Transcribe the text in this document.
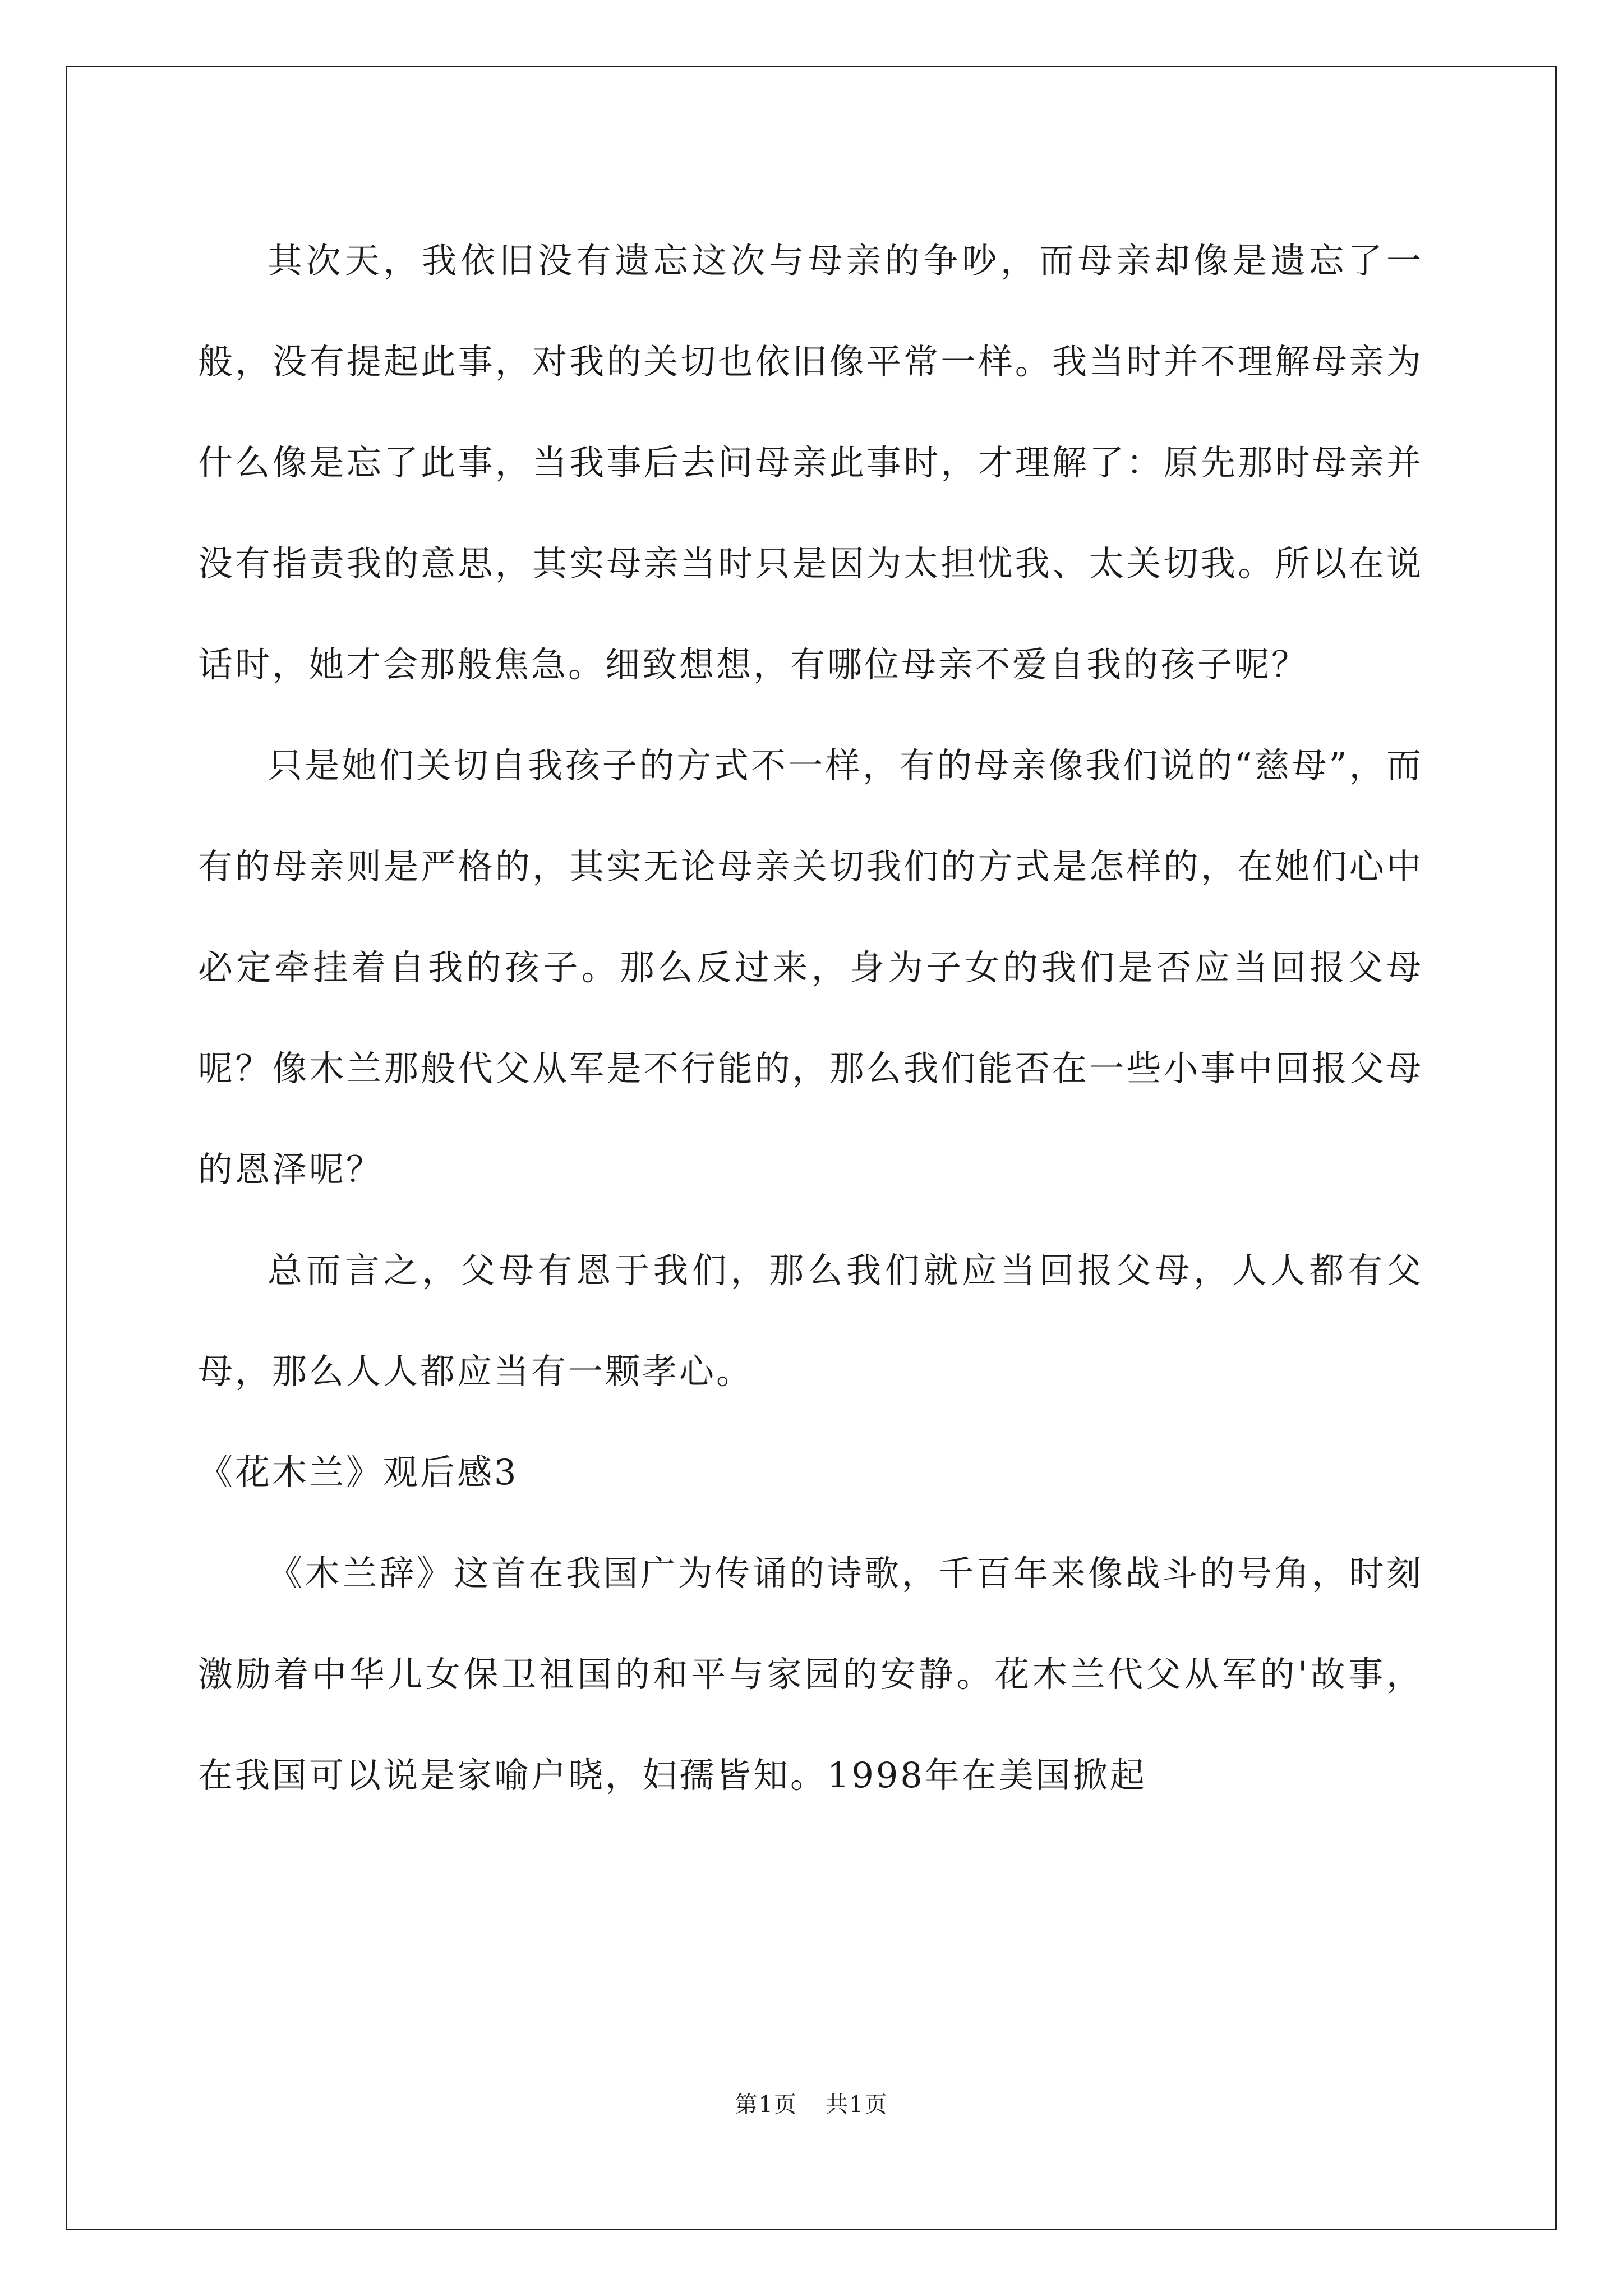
其次天，我依旧没有遗忘这次与母亲的争吵，而母亲却像是遗忘了一般，没有提起此事，对我的关切也依旧像平常一样。我当时并不理解母亲为什么像是忘了此事，当我事后去问母亲此事时，才理解了：原先那时母亲并没有指责我的意思，其实母亲当时只是因为太担忧我、太关切我。所以在说话时，她才会那般焦急。细致想想，有哪位母亲不爱自我的孩子呢？

只是她们关切自我孩子的方式不一样，有的母亲像我们说的“慈母”，而有的母亲则是严格的，其实无论母亲关切我们的方式是怎样的，在她们心中必定牵挂着自我的孩子。那么反过来，身为子女的我们是否应当回报父母呢？像木兰那般代父从军是不行能的，那么我们能否在一些小事中回报父母的恩泽呢？

总而言之，父母有恩于我们，那么我们就应当回报父母，人人都有父母，那么人人都应当有一颗孝心。

《花木兰》观后感3

《木兰辞》这首在我国广为传诵的诗歌，千百年来像战斗的号角，时刻激励着中华儿女保卫祖国的和平与家园的安静。花木兰代父从军的'故事，在我国可以说是家喻户晓，妇孺皆知。1998年在美国掀起

第1页 共1页
